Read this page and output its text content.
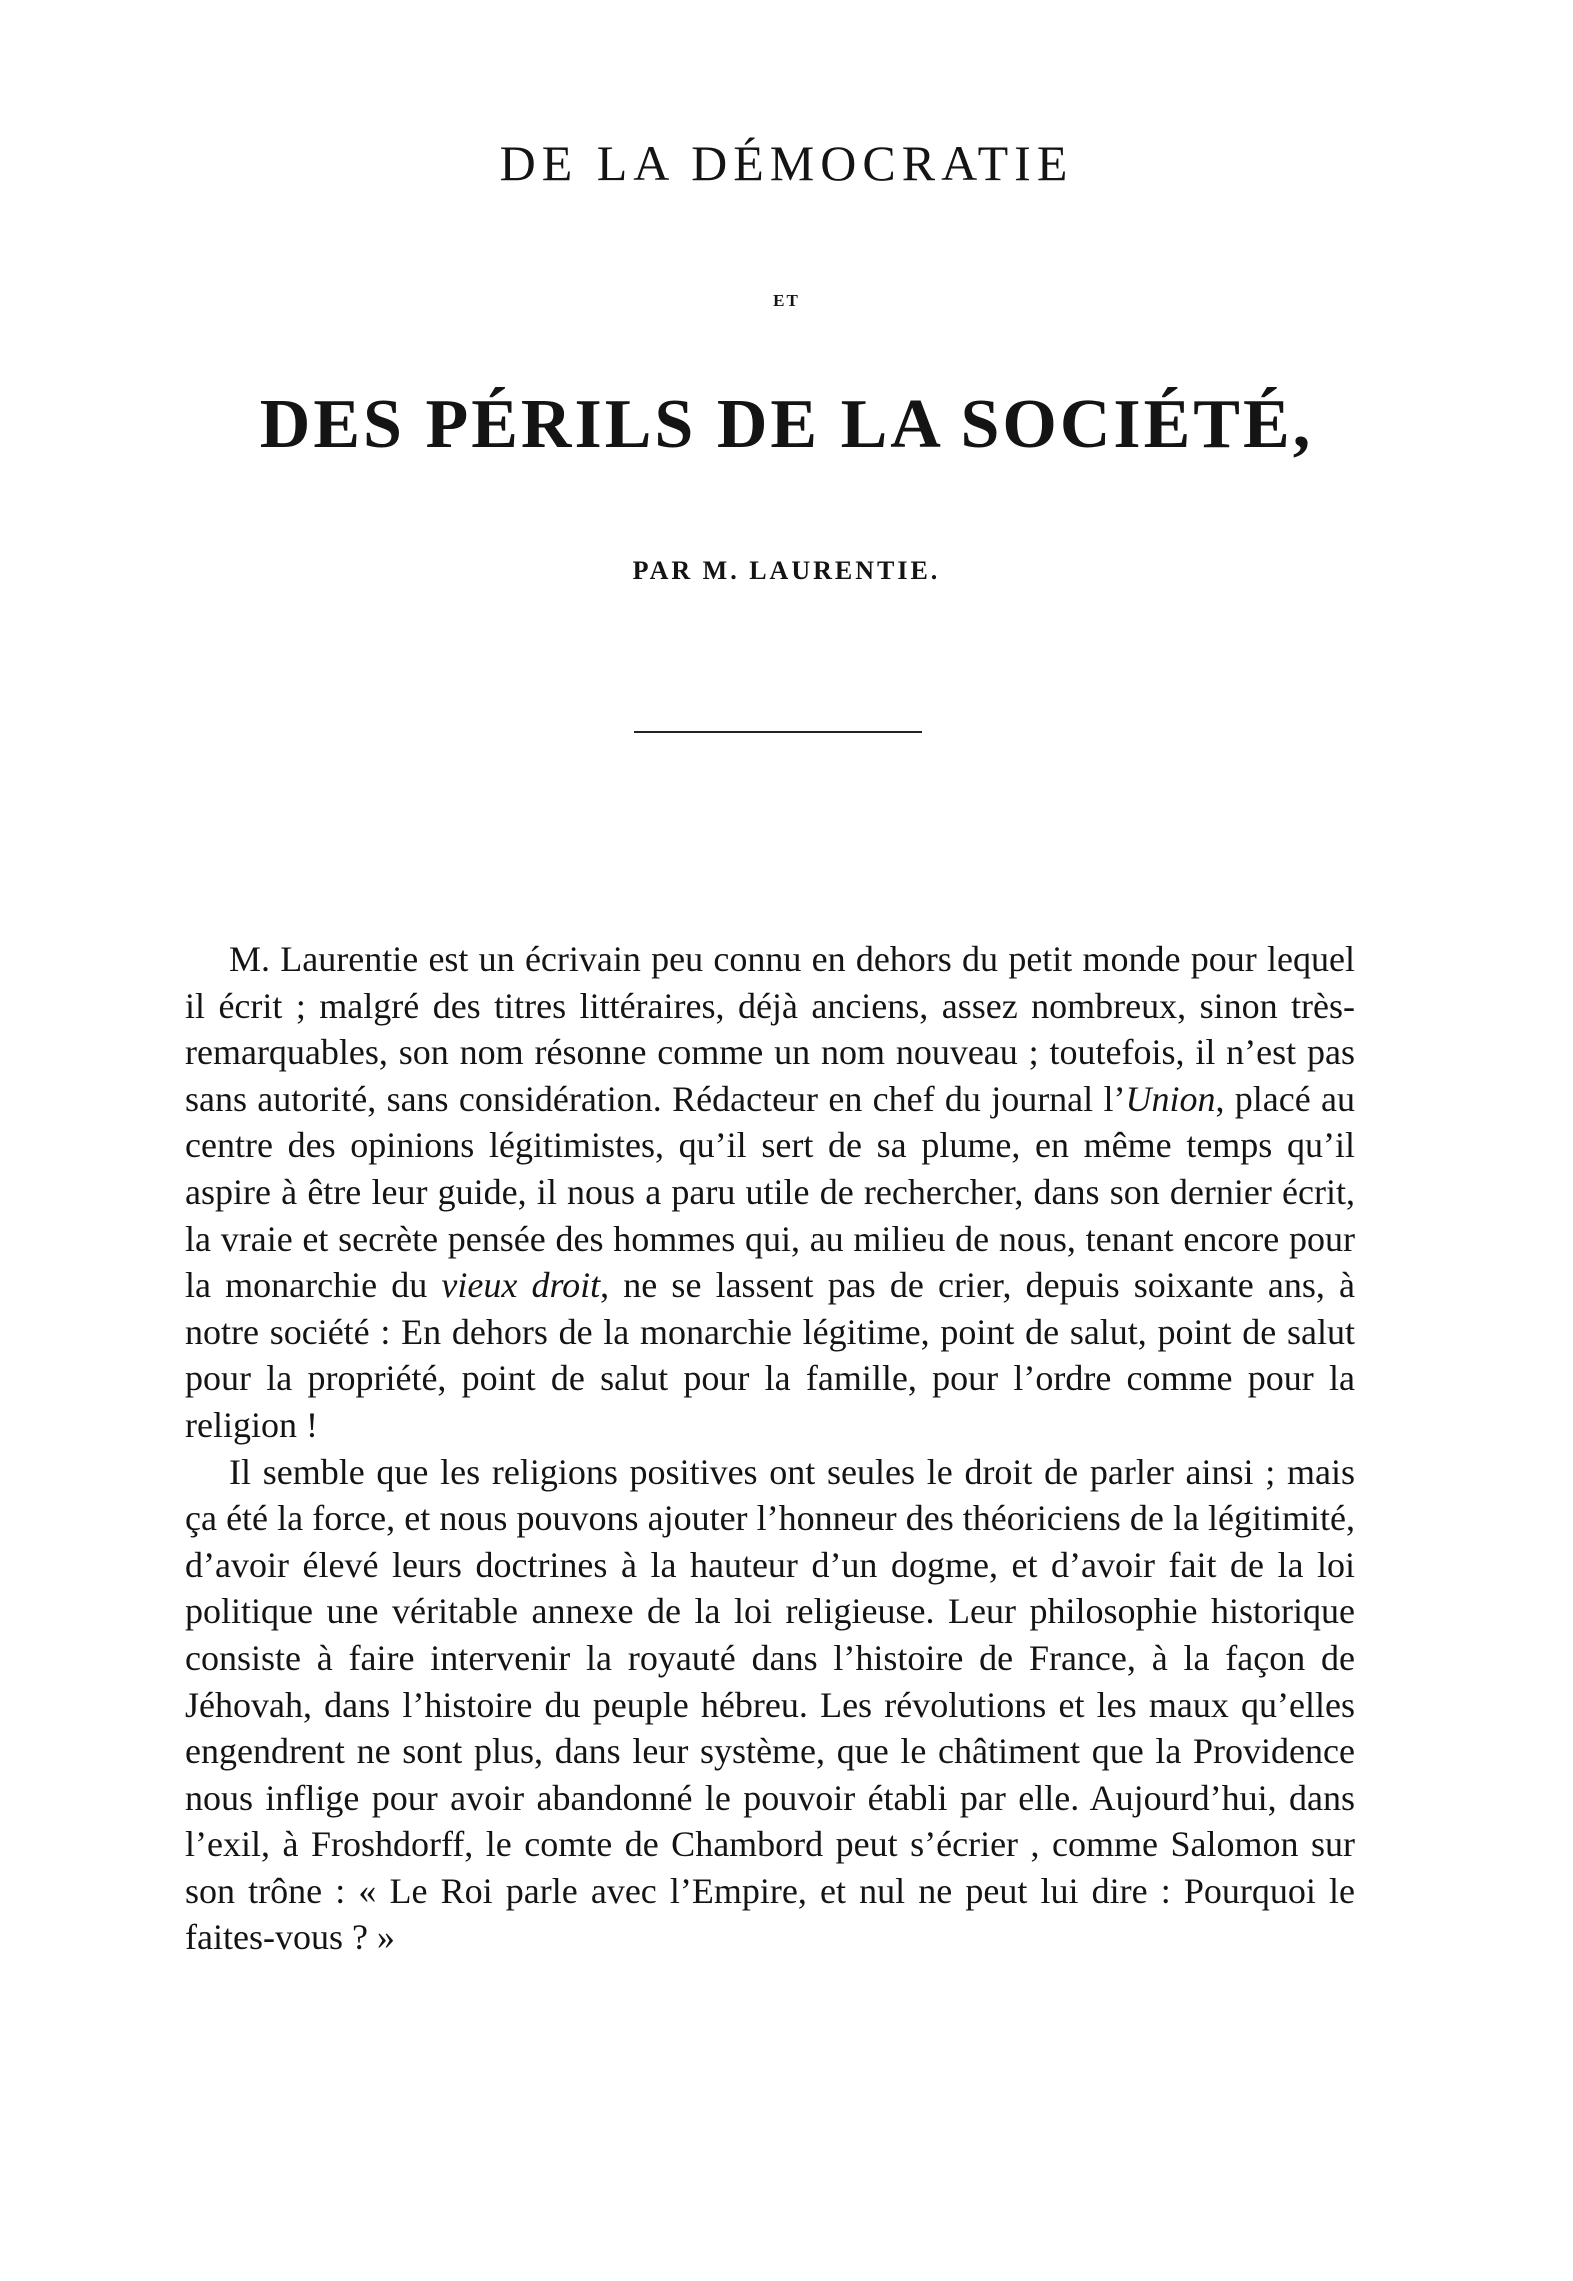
DE LA DÉMOCRATIE
ET
DES PÉRILS DE LA SOCIÉTÉ,
PAR M. LAURENTIE.

M. Laurentie est un écrivain peu connu en dehors du petit monde pour lequel il écrit ; malgré des titres littéraires, déjà anciens, assez nombreux, sinon très-remarquables, son nom résonne comme un nom nouveau ; toutefois, il n’est pas sans autorité, sans considération. Rédacteur en chef du journal l’Union, placé au centre des opinions légitimistes, qu’il sert de sa plume, en même temps qu’il aspire à être leur guide, il nous a paru utile de rechercher, dans son dernier écrit, la vraie et secrète pensée des hommes qui, au milieu de nous, tenant encore pour la monarchie du vieux droit, ne se lassent pas de crier, depuis soixante ans, à notre société : En dehors de la monarchie légitime, point de salut, point de salut pour la propriété, point de salut pour la famille, pour l’ordre comme pour la religion !

Il semble que les religions positives ont seules le droit de parler ainsi ; mais ça été la force, et nous pouvons ajouter l’honneur des théoriciens de la légitimité, d’avoir élevé leurs doctrines à la hauteur d’un dogme, et d’avoir fait de la loi politique une véritable annexe de la loi religieuse. Leur philosophie historique consiste à faire intervenir la royauté dans l’histoire de France, à la façon de Jéhovah, dans l’histoire du peuple hébreu. Les révolutions et les maux qu’elles engendrent ne sont plus, dans leur système, que le châtiment que la Providence nous inflige pour avoir abandonné le pouvoir établi par elle. Aujourd’hui, dans l’exil, à Froshdorff, le comte de Chambord peut s’écrier , comme Salomon sur son trône : « Le Roi parle avec l’Empire, et nul ne peut lui dire : Pourquoi le faites-vous ? »
